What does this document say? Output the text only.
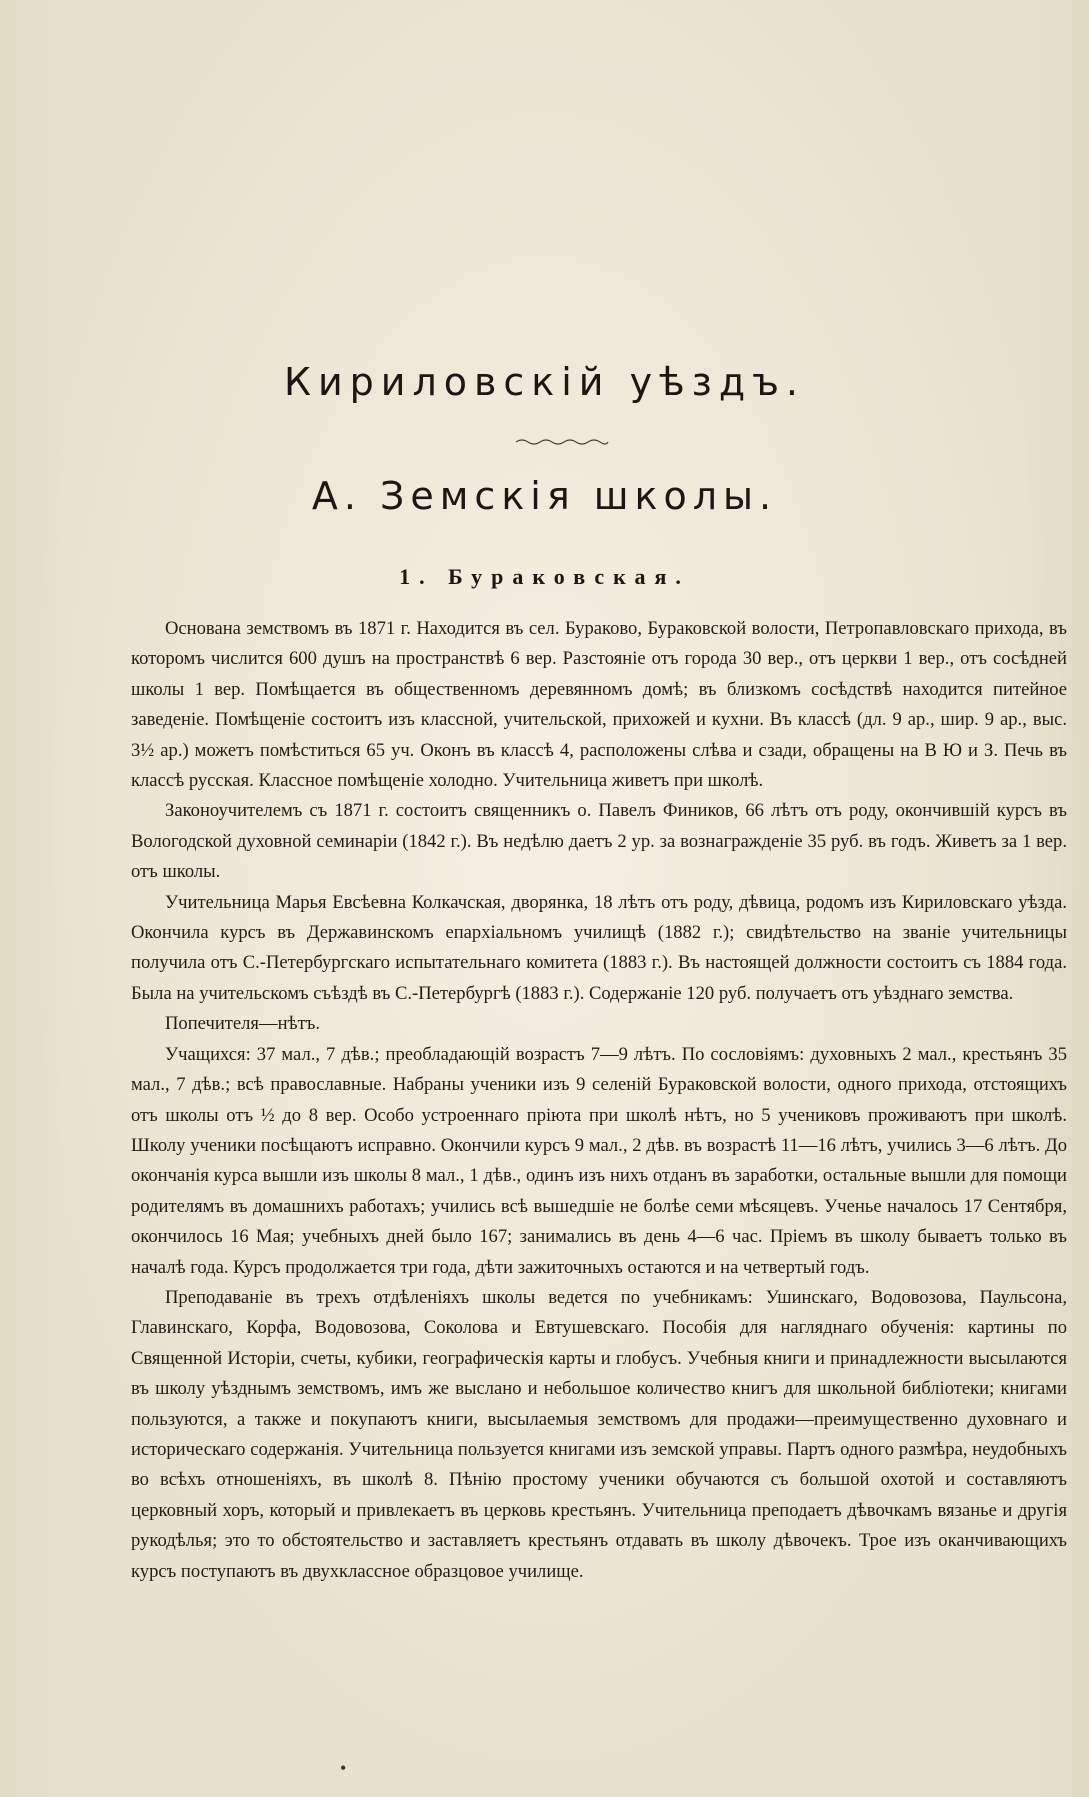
Кириловскій уѣздъ.
А. Земскія школы.
1. Бураковская.

Основана земствомъ въ 1871 г. Находится въ сел. Бураково, Бураковской волости, Петропавловскаго прихода, въ которомъ числится 600 душъ на пространствѣ 6 вер. Разстояніе отъ города 30 вер., отъ церкви 1 вер., отъ сосѣдней школы 1 вер. Помѣщается въ общественномъ деревянномъ домѣ; въ близкомъ сосѣдствѣ находится питейное заведеніе. Помѣщеніе состоитъ изъ классной, учительской, прихожей и кухни. Въ классѣ (дл. 9 ар., шир. 9 ар., выс. 3½ ар.) можетъ помѣститься 65 уч. Оконъ въ классѣ 4, расположены слѣва и сзади, обращены на В Ю и З. Печь въ классѣ русская. Классное помѣщеніе холодно. Учительница живетъ при школѣ.

Законоучителемъ съ 1871 г. состоитъ священникъ о. Павелъ Фиников, 66 лѣтъ отъ роду, окончившій курсъ въ Вологодской духовной семинаріи (1842 г.). Въ недѣлю даетъ 2 ур. за вознагражденіе 35 руб. въ годъ. Живетъ за 1 вер. отъ школы.

Учительница Марья Евсѣевна Колкачская, дворянка, 18 лѣтъ отъ роду, дѣвица, родомъ изъ Кириловскаго уѣзда. Окончила курсъ въ Державинскомъ епархіальномъ училищѣ (1882 г.); свидѣтельство на званіе учительницы получила отъ С.-Петербургскаго испытательнаго комитета (1883 г.). Въ настоящей должности состоитъ съ 1884 года. Была на учительскомъ съѣздѣ въ С.-Петербургѣ (1883 г.). Содержаніе 120 руб. получаетъ отъ уѣзднаго земства.

Попечителя—нѣтъ.

Учащихся: 37 мал., 7 дѣв.; преобладающій возрастъ 7—9 лѣтъ. По сословіямъ: духовныхъ 2 мал., крестьянъ 35 мал., 7 дѣв.; всѣ православные. Набраны ученики изъ 9 селеній Бураковской волости, одного прихода, отстоящихъ отъ школы отъ ½ до 8 вер. Особо устроеннаго пріюта при школѣ нѣтъ, но 5 учениковъ проживаютъ при школѣ. Школу ученики посѣщаютъ исправно. Окончили курсъ 9 мал., 2 дѣв. въ возрастѣ 11—16 лѣтъ, учились 3—6 лѣтъ. До окончанія курса вышли изъ школы 8 мал., 1 дѣв., одинъ изъ нихъ отданъ въ заработки, остальные вышли для помощи родителямъ въ домашнихъ работахъ; учились всѣ вышедшіе не болѣе семи мѣсяцевъ. Ученье началось 17 Сентября, окончилось 16 Мая; учебныхъ дней было 167; занимались въ день 4—6 час. Пріемъ въ школу бываетъ только въ началѣ года. Курсъ продолжается три года, дѣти зажиточныхъ остаются и на четвертый годъ.

Преподаваніе въ трехъ отдѣленіяхъ школы ведется по учебникамъ: Ушинскаго, Водовозова, Паульсона, Главинскаго, Корфа, Водовозова, Соколова и Евтушевскаго. Пособія для нагляднаго обученія: картины по Священной Исторіи, счеты, кубики, географическія карты и глобусъ. Учебныя книги и принадлежности высылаются въ школу уѣзднымъ земствомъ, имъ же выслано и небольшое количество книгъ для школьной библіотеки; книгами пользуются, а также и покупаютъ книги, высылаемыя земствомъ для продажи—преимущественно духовнаго и историческаго содержанія. Учительница пользуется книгами изъ земской управы. Партъ одного размѣра, неудобныхъ во всѣхъ отношеніяхъ, въ школѣ 8. Пѣнію простому ученики обучаются съ большой охотой и составляютъ церковный хоръ, который и привлекаетъ въ церковь крестьянъ. Учительница преподаетъ дѣвочкамъ вязанье и другія рукодѣлья; это то обстоятельство и заставляетъ крестьянъ отдавать въ школу дѣвочекъ. Трое изъ оканчивающихъ курсъ поступаютъ въ двухклассное образцовое училище.

•
